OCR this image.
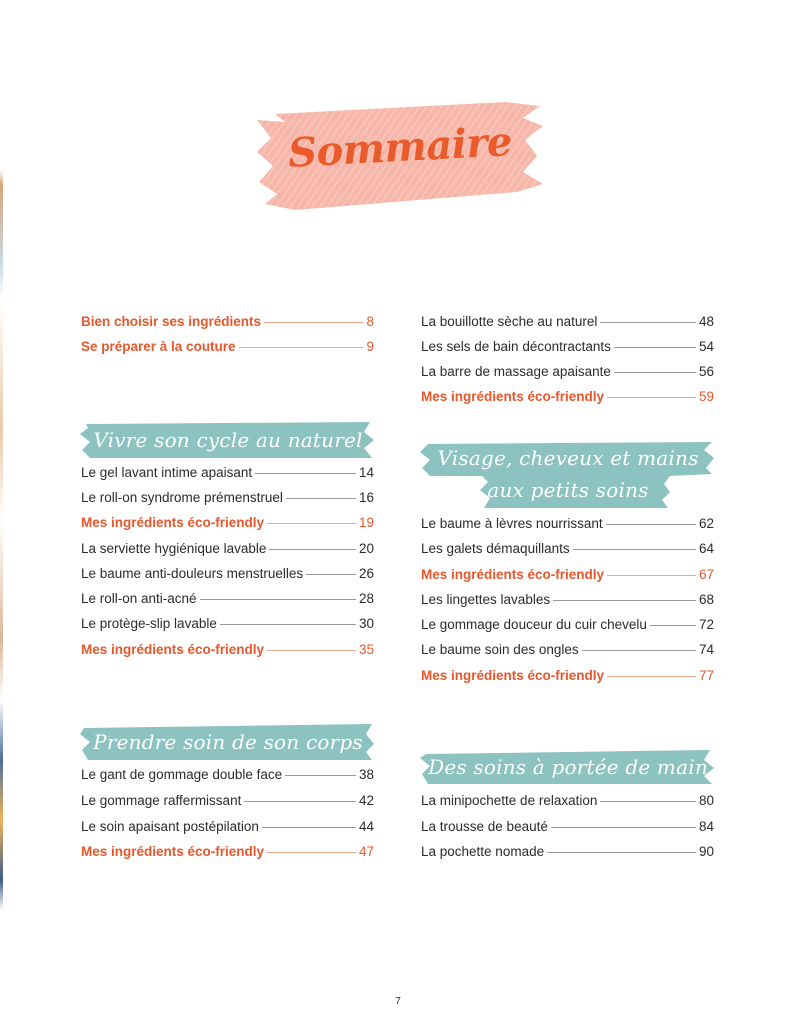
Sommaire
Bien choisir ses ingrédients	8
Se préparer à la couture	9
Vivre son cycle au naturel
Le gel lavant intime apaisant	14
Le roll-on syndrome prémenstruel	16
Mes ingrédients éco-friendly	19
La serviette hygiénique lavable	20
Le baume anti-douleurs menstruelles	26
Le roll-on anti-acné	28
Le protège-slip lavable	30
Mes ingrédients éco-friendly	35
Prendre soin de son corps
Le gant de gommage double face	38
Le gommage raffermissant	42
Le soin apaisant postépilation	44
Mes ingrédients éco-friendly	47
La bouillotte sèche au naturel	48
Les sels de bain décontractants	54
La barre de massage apaisante	56
Mes ingrédients éco-friendly	59
Visage, cheveux et mains
aux petits soins
Le baume à lèvres nourrissant	62
Les galets démaquillants	64
Mes ingrédients éco-friendly	67
Les lingettes lavables	68
Le gommage douceur du cuir chevelu	72
Le baume soin des ongles	74
Mes ingrédients éco-friendly	77
Des soins à portée de main
La minipochette de relaxation	80
La trousse de beauté	84
La pochette nomade	90
7
